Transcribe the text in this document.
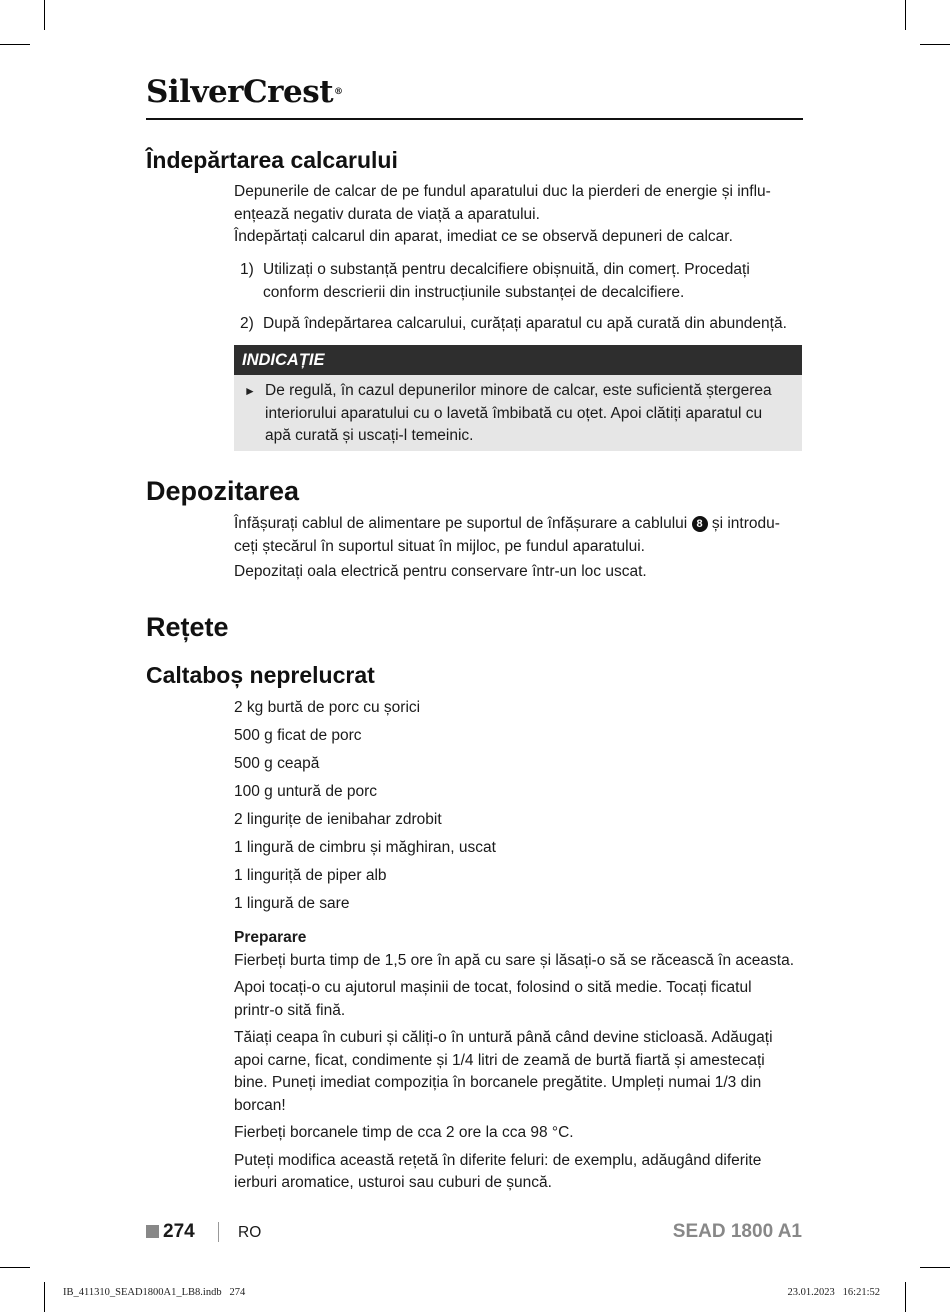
SilverCrest®
Îndepărtarea calcarului
Depunerile de calcar de pe fundul aparatului duc la pierderi de energie și influ-
ențează negativ durata de viață a aparatului.
Îndepărtați calcarul din aparat, imediat ce se observă depuneri de calcar.
1) Utilizați o substanță pentru decalcifiere obișnuită, din comerț. Procedați
conform descrierii din instrucțiunile substanței de decalcifiere.
2) După îndepărtarea calcarului, curățați aparatul cu apă curată din abundență.
INDICAȚIE
► De regulă, în cazul depunerilor minore de calcar, este suficientă ștergerea
interiorului aparatului cu o lavetă îmbibată cu oțet. Apoi clătiți aparatul cu
apă curată și uscați-l temeinic.
Depozitarea
Înfășurați cablul de alimentare pe suportul de înfășurare a cablului 8 și introdu-
ceți ștecărul în suportul situat în mijloc, pe fundul aparatului.
Depozitați oala electrică pentru conservare într-un loc uscat.
Rețete
Caltaboș neprelucrat
2 kg burtă de porc cu șorici
500 g ficat de porc
500 g ceapă
100 g untură de porc
2 lingurițe de ienibahar zdrobit
1 lingură de cimbru și măghiran, uscat
1 linguriță de piper alb
1 lingură de sare
Preparare
Fierbeți burta timp de 1,5 ore în apă cu sare și lăsați-o să se răcească în aceasta.
Apoi tocați-o cu ajutorul mașinii de tocat, folosind o sită medie. Tocați ficatul
printr-o sită fină.
Tăiați ceapa în cuburi și căliți-o în untură până când devine sticloasă. Adăugați
apoi carne, ficat, condimente și 1/4 litri de zeamă de burtă fiartă și amestecați
bine. Puneți imediat compoziția în borcanele pregătite. Umpleți numai 1/3 din
borcan!
Fierbeți borcanele timp de cca 2 ore la cca 98 °C.
Puteți modifica această rețetă în diferite feluri: de exemplu, adăugând diferite
ierburi aromatice, usturoi sau cuburi de șuncă.
274	RO	SEAD 1800 A1
IB_411310_SEAD1800A1_LB8.indb   274	23.01.2023   16:21:52
